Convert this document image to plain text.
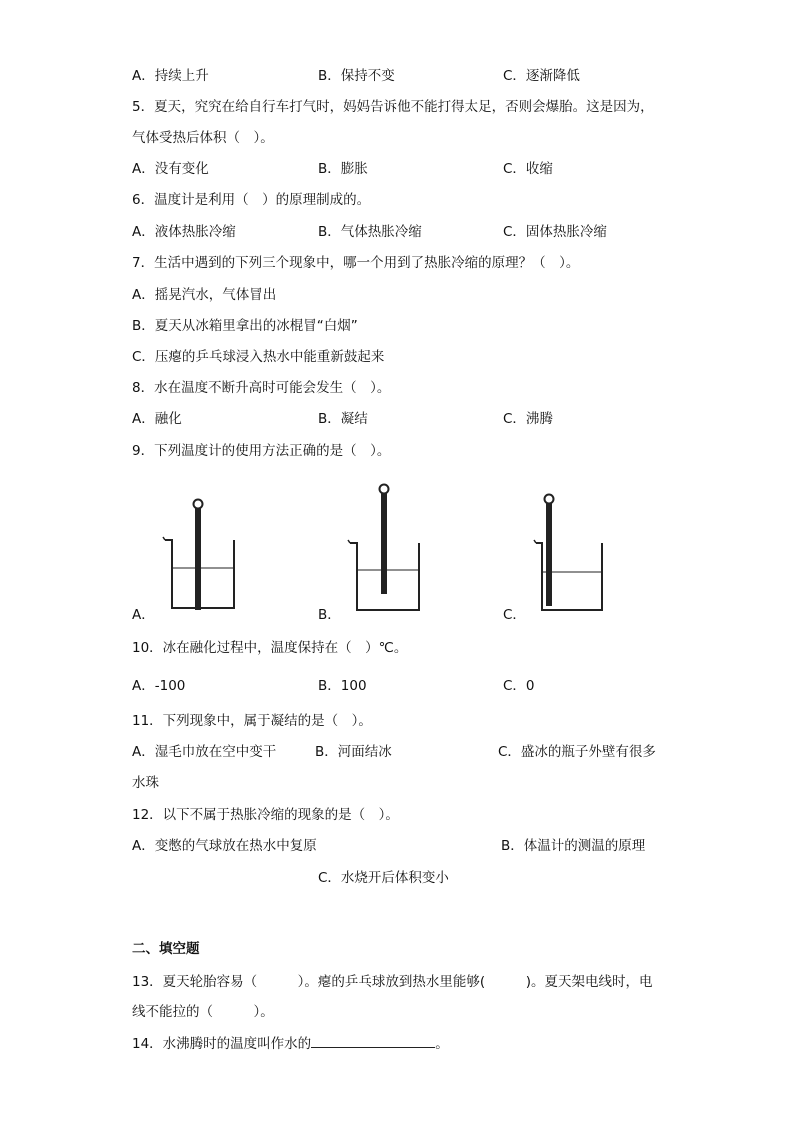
A．持续上升	B．保持不变	C．逐渐降低
5．夏天，究究在给自行车打气时，妈妈告诉他不能打得太足，否则会爆胎。这是因为，
气体受热后体积（　）。
A．没有变化	B．膨胀	C．收缩
6．温度计是利用（　）的原理制成的。
A．液体热胀冷缩	B．气体热胀冷缩	C．固体热胀冷缩
7．生活中遇到的下列三个现象中，哪一个用到了热胀冷缩的原理？（　）。
A．摇晃汽水，气体冒出
B．夏天从冰箱里拿出的冰棍冒“白烟”
C．压瘪的乒乓球浸入热水中能重新鼓起来
8．水在温度不断升高时可能会发生（　）。
A．融化	B．凝结	C．沸腾
9．下列温度计的使用方法正确的是（　）。
A．	B．	C．
10．冰在融化过程中，温度保持在（　）℃。
A．-100	B．100	C．0
11．下列现象中，属于凝结的是（　）。
A．湿毛巾放在空中变干	B．河面结冰	C．盛冰的瓶子外壁有很多
水珠
12．以下不属于热胀冷缩的现象的是（　）。
A．变憋的气球放在热水中复原	B．体温计的测温的原理
C．水烧开后体积变小
二、填空题
13．夏天轮胎容易（　　　）。瘪的乒乓球放到热水里能够(　　　)。夏天架电线时，电
线不能拉的（　　　）。
14．水沸腾时的温度叫作水的	。
